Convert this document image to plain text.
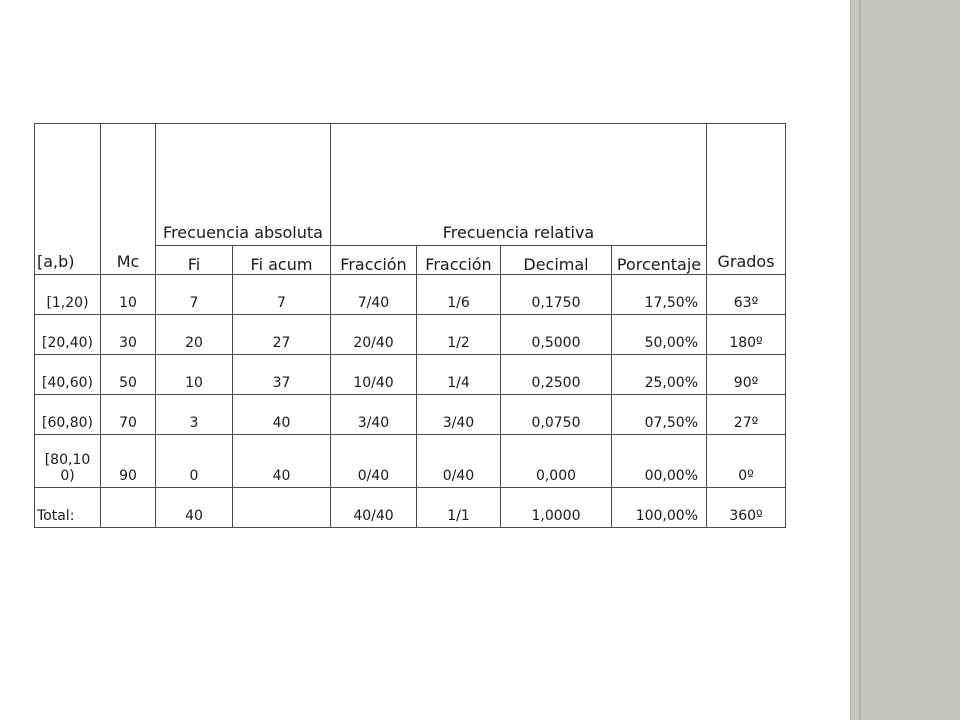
[a,b)	Mc	Frecuencia absoluta		Frecuencia relativa				Grados
		Fi	Fi acum	Fracción	Fracción	Decimal	Porcentaje	
[1,20)	10	7	7	7/40	1/6	0,1750	17,50%	63º
[20,40)	30	20	27	20/40	1/2	0,5000	50,00%	180º
[40,60)	50	10	37	10/40	1/4	0,2500	25,00%	90º
[60,80)	70	3	40	3/40	3/40	0,0750	07,50%	27º
[80,10 0)	90	0	40	0/40	0/40	0,000	00,00%	0º
Total:		40		40/40	1/1	1,0000	100,00%	360º
